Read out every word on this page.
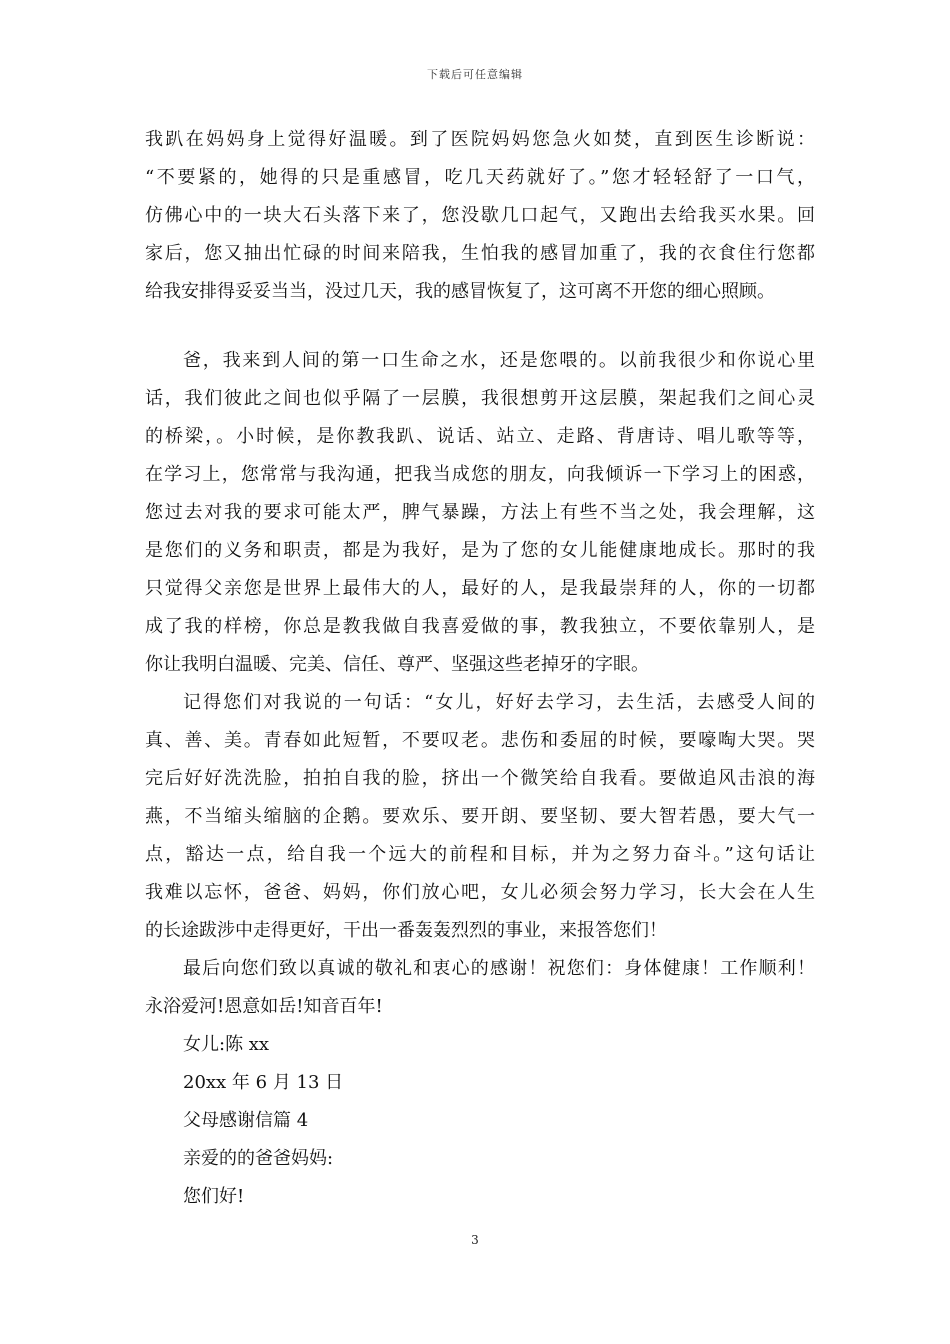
下载后可任意编辑
我趴在妈妈身上觉得好温暖。到了医院妈妈您急火如焚，直到医生诊断说：
“不要紧的，她得的只是重感冒，吃几天药就好了。”您才轻轻舒了一口气，
仿佛心中的一块大石头落下来了，您没歇几口起气，又跑出去给我买水果。回
家后，您又抽出忙碌的时间来陪我，生怕我的感冒加重了，我的衣食住行您都
给我安排得妥妥当当，没过几天，我的感冒恢复了，这可离不开您的细心照顾。
爸，我来到人间的第一口生命之水，还是您喂的。以前我很少和你说心里
话，我们彼此之间也似乎隔了一层膜，我很想剪开这层膜，架起我们之间心灵
的桥梁，。小时候，是你教我趴、说话、站立、走路、背唐诗、唱儿歌等等，
在学习上，您常常与我沟通，把我当成您的朋友，向我倾诉一下学习上的困惑，
您过去对我的要求可能太严，脾气暴躁，方法上有些不当之处，我会理解，这
是您们的义务和职责，都是为我好，是为了您的女儿能健康地成长。那时的我
只觉得父亲您是世界上最伟大的人，最好的人，是我最崇拜的人，你的一切都
成了我的样榜，你总是教我做自我喜爱做的事，教我独立，不要依靠别人，是
你让我明白温暖、完美、信任、尊严、坚强这些老掉牙的字眼。
记得您们对我说的一句话：“女儿，好好去学习，去生活，去感受人间的
真、善、美。青春如此短暂，不要叹老。悲伤和委屈的时候，要嚎啕大哭。哭
完后好好洗洗脸，拍拍自我的脸，挤出一个微笑给自我看。要做追风击浪的海
燕，不当缩头缩脑的企鹅。要欢乐、要开朗、要坚韧、要大智若愚，要大气一
点，豁达一点，给自我一个远大的前程和目标，并为之努力奋斗。”这句话让
我难以忘怀，爸爸、妈妈，你们放心吧，女儿必须会努力学习，长大会在人生
的长途跋涉中走得更好，干出一番轰轰烈烈的事业，来报答您们！
最后向您们致以真诚的敬礼和衷心的感谢！祝您们：身体健康！工作顺利！
永浴爱河!恩意如岳!知音百年!
女儿:陈 xx
20xx 年 6 月 13 日
父母感谢信篇 4
亲爱的的爸爸妈妈:
您们好!
3
